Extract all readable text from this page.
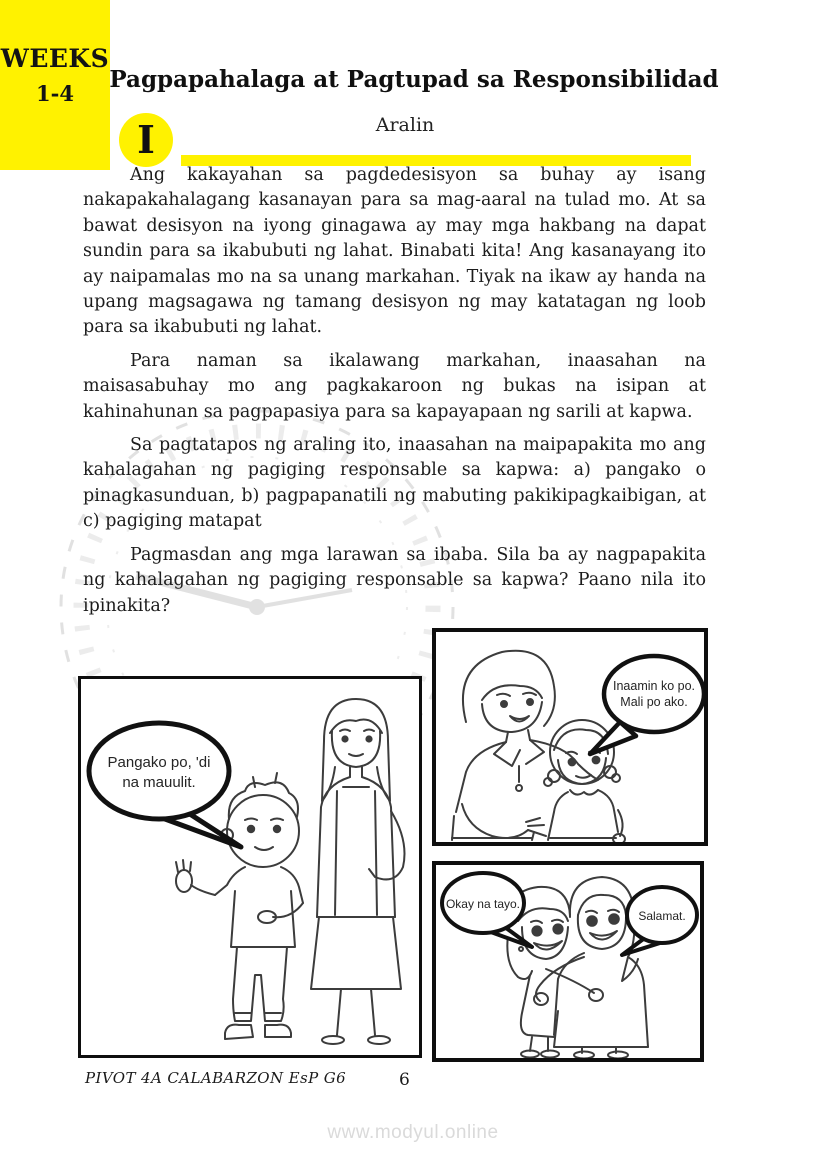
WEEKS
1-4
Pagpapahalaga at Pagtupad sa Responsibilidad
I	Aralin

Ang kakayahan sa pagdedesisyon sa buhay ay isang nakapakahalagang kasanayan para sa mag-aaral na tulad mo. At sa bawat desisyon na iyong ginagawa ay may mga hakbang na dapat sundin para sa ikabubuti ng lahat. Binabati kita! Ang kasanayang ito ay naipamalas mo na sa unang markahan. Tiyak na ikaw ay handa na upang magsagawa ng tamang desisyon ng may katatagan ng loob para sa ikabubuti ng lahat.

Para naman sa ikalawang markahan, inaasahan na maisasabuhay mo ang pagkakaroon ng bukas na isipan at kahinahunan sa pagpapasiya para sa kapayapaan ng sarili at kapwa.

Sa pagtatapos ng araling ito, inaasahan na maipapakita mo ang kahalagahan ng pagiging responsable sa kapwa: a) pangako o pinagkasunduan, b) pagpapanatili ng mabuting pakikipagkaibigan, at c) pagiging matapat

Pagmasdan ang mga larawan sa ibaba. Sila ba ay nagpapakita ng kahalagahan ng pagiging responsable sa kapwa? Paano nila ito ipinakita?

Pangako po, 'di
na mauulit.
Inaamin ko po.
Mali po ako.
Okay na tayo.
Salamat.
PIVOT 4A CALABARZON EsP G6	6
www.modyul.online
